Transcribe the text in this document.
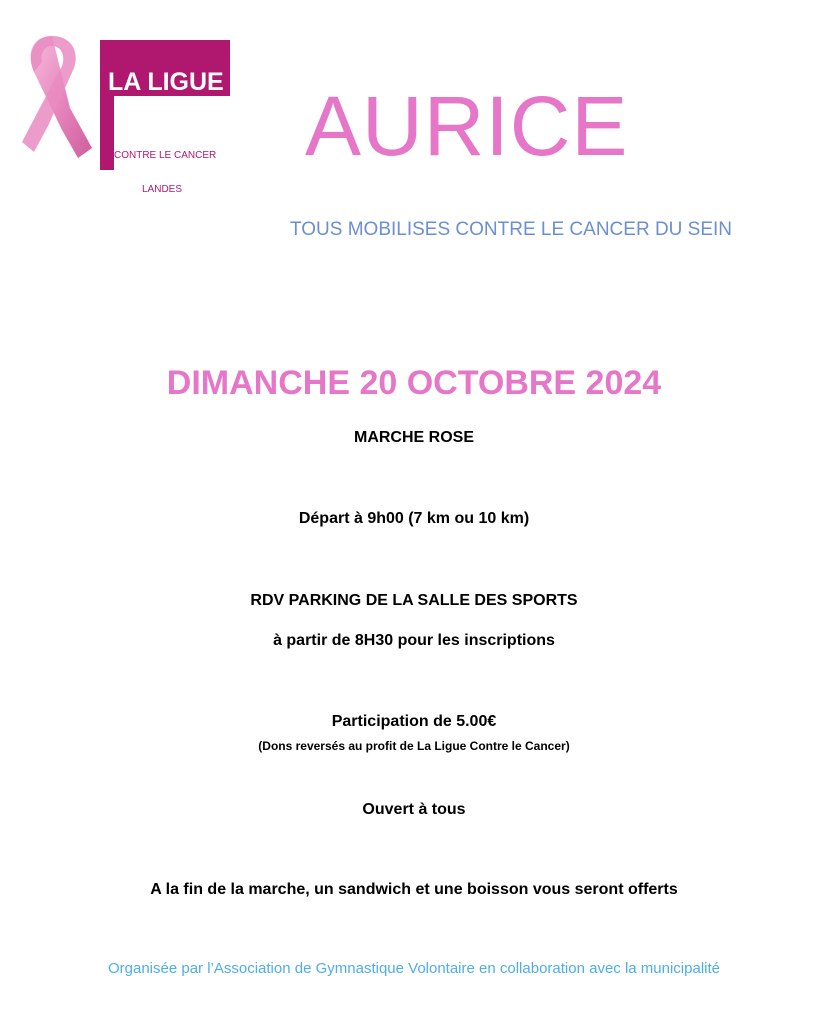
LA LIGUE
CONTRE LE CANCER
LANDES
AURICE
TOUS MOBILISES CONTRE LE CANCER DU SEIN
DIMANCHE 20 OCTOBRE 2024
MARCHE ROSE
Départ à 9h00 (7 km ou 10 km)
RDV PARKING DE LA SALLE DES SPORTS
à partir de 8H30 pour les inscriptions
Participation de 5.00€
(Dons reversés au profit de La Ligue Contre le Cancer)
Ouvert à tous
A la fin de la marche, un sandwich et une boisson vous seront offerts
Organisée par l’Association de Gymnastique Volontaire en collaboration avec la municipalité
